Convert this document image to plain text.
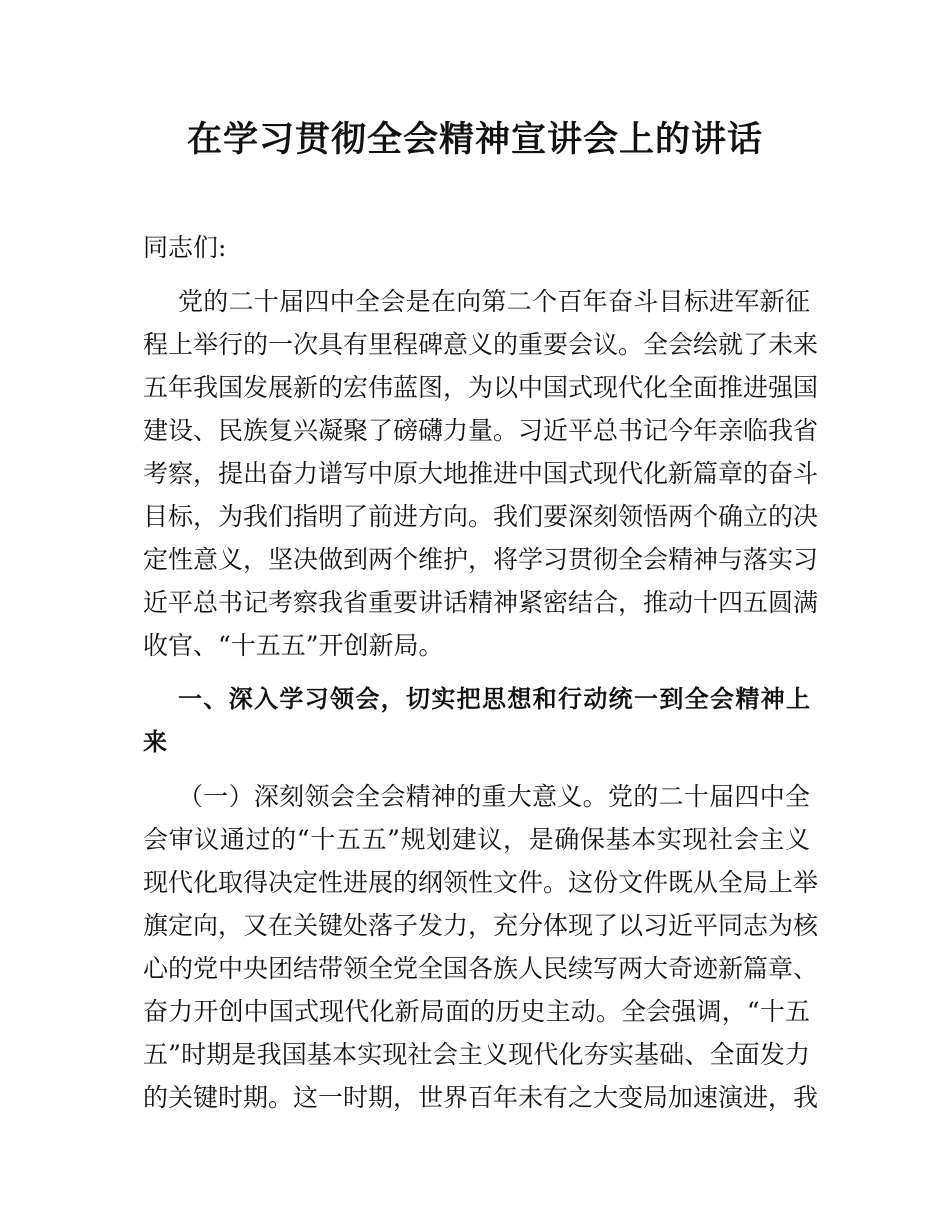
在学习贯彻全会精神宣讲会上的讲话
同志们:
党的二十届四中全会是在向第二个百年奋斗目标进军新征
程上举行的一次具有里程碑意义的重要会议。全会绘就了未来
五年我国发展新的宏伟蓝图，为以中国式现代化全面推进强国
建设、民族复兴凝聚了磅礴力量。习近平总书记今年亲临我省
考察，提出奋力谱写中原大地推进中国式现代化新篇章的奋斗
目标，为我们指明了前进方向。我们要深刻领悟两个确立的决
定性意义，坚决做到两个维护，将学习贯彻全会精神与落实习
近平总书记考察我省重要讲话精神紧密结合，推动十四五圆满
收官、“十五五”开创新局。
一、深入学习领会，切实把思想和行动统一到全会精神上
来
（一）深刻领会全会精神的重大意义。党的二十届四中全
会审议通过的“十五五”规划建议，是确保基本实现社会主义
现代化取得决定性进展的纲领性文件。这份文件既从全局上举
旗定向，又在关键处落子发力，充分体现了以习近平同志为核
心的党中央团结带领全党全国各族人民续写两大奇迹新篇章、
奋力开创中国式现代化新局面的历史主动。全会强调，“十五
五”时期是我国基本实现社会主义现代化夯实基础、全面发力
的关键时期。这一时期，世界百年未有之大变局加速演进，我
